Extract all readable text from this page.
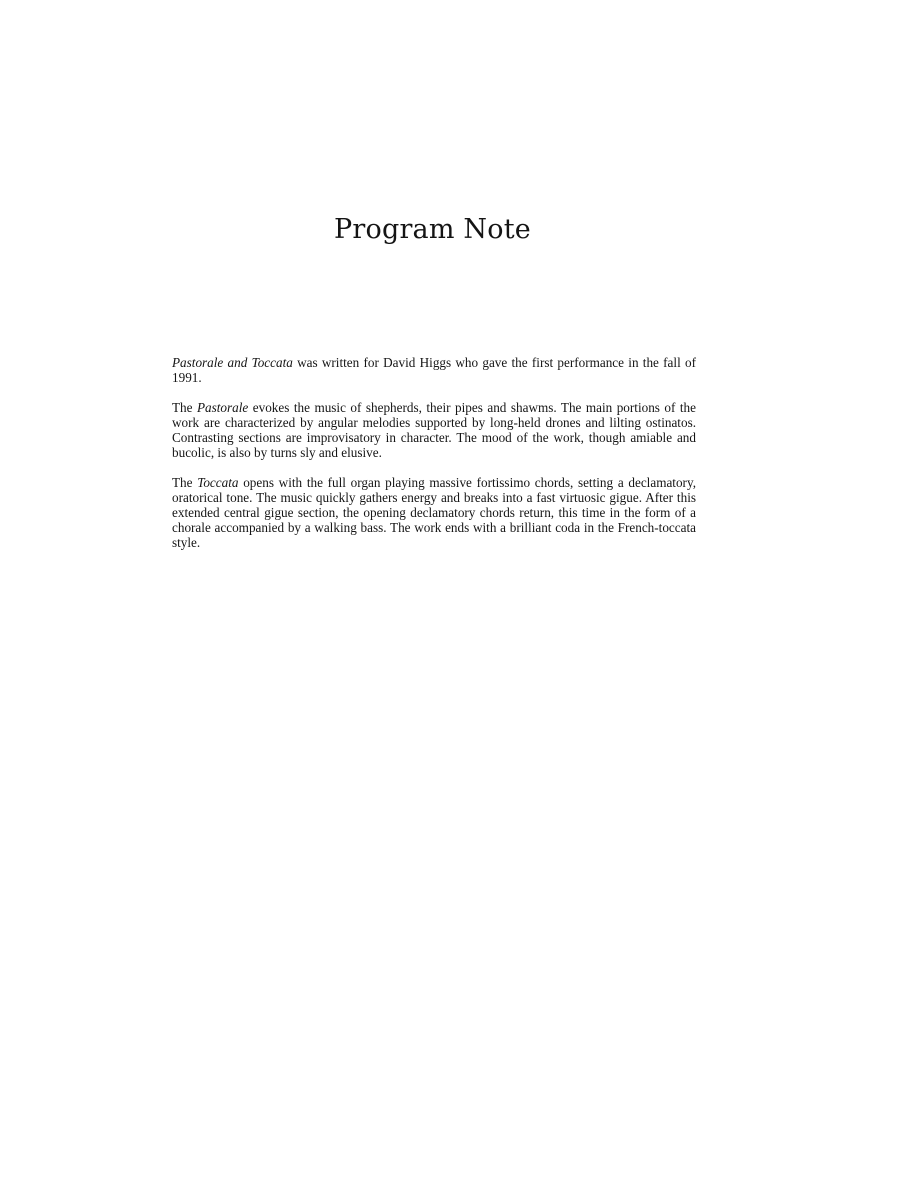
Program Note

Pastorale and Toccata was written for David Higgs who gave the first performance in the fall of 1991.

The Pastorale evokes the music of shepherds, their pipes and shawms. The main portions of the work are characterized by angular melodies supported by long-held drones and lilting ostinatos. Contrasting sections are improvisatory in character. The mood of the work, though amiable and bucolic, is also by turns sly and elusive.

The Toccata opens with the full organ playing massive fortissimo chords, setting a declamatory, oratorical tone. The music quickly gathers energy and breaks into a fast virtuosic gigue. After this extended central gigue section, the opening declamatory chords return, this time in the form of a chorale accompanied by a walking bass. The work ends with a brilliant coda in the French-toccata style.
